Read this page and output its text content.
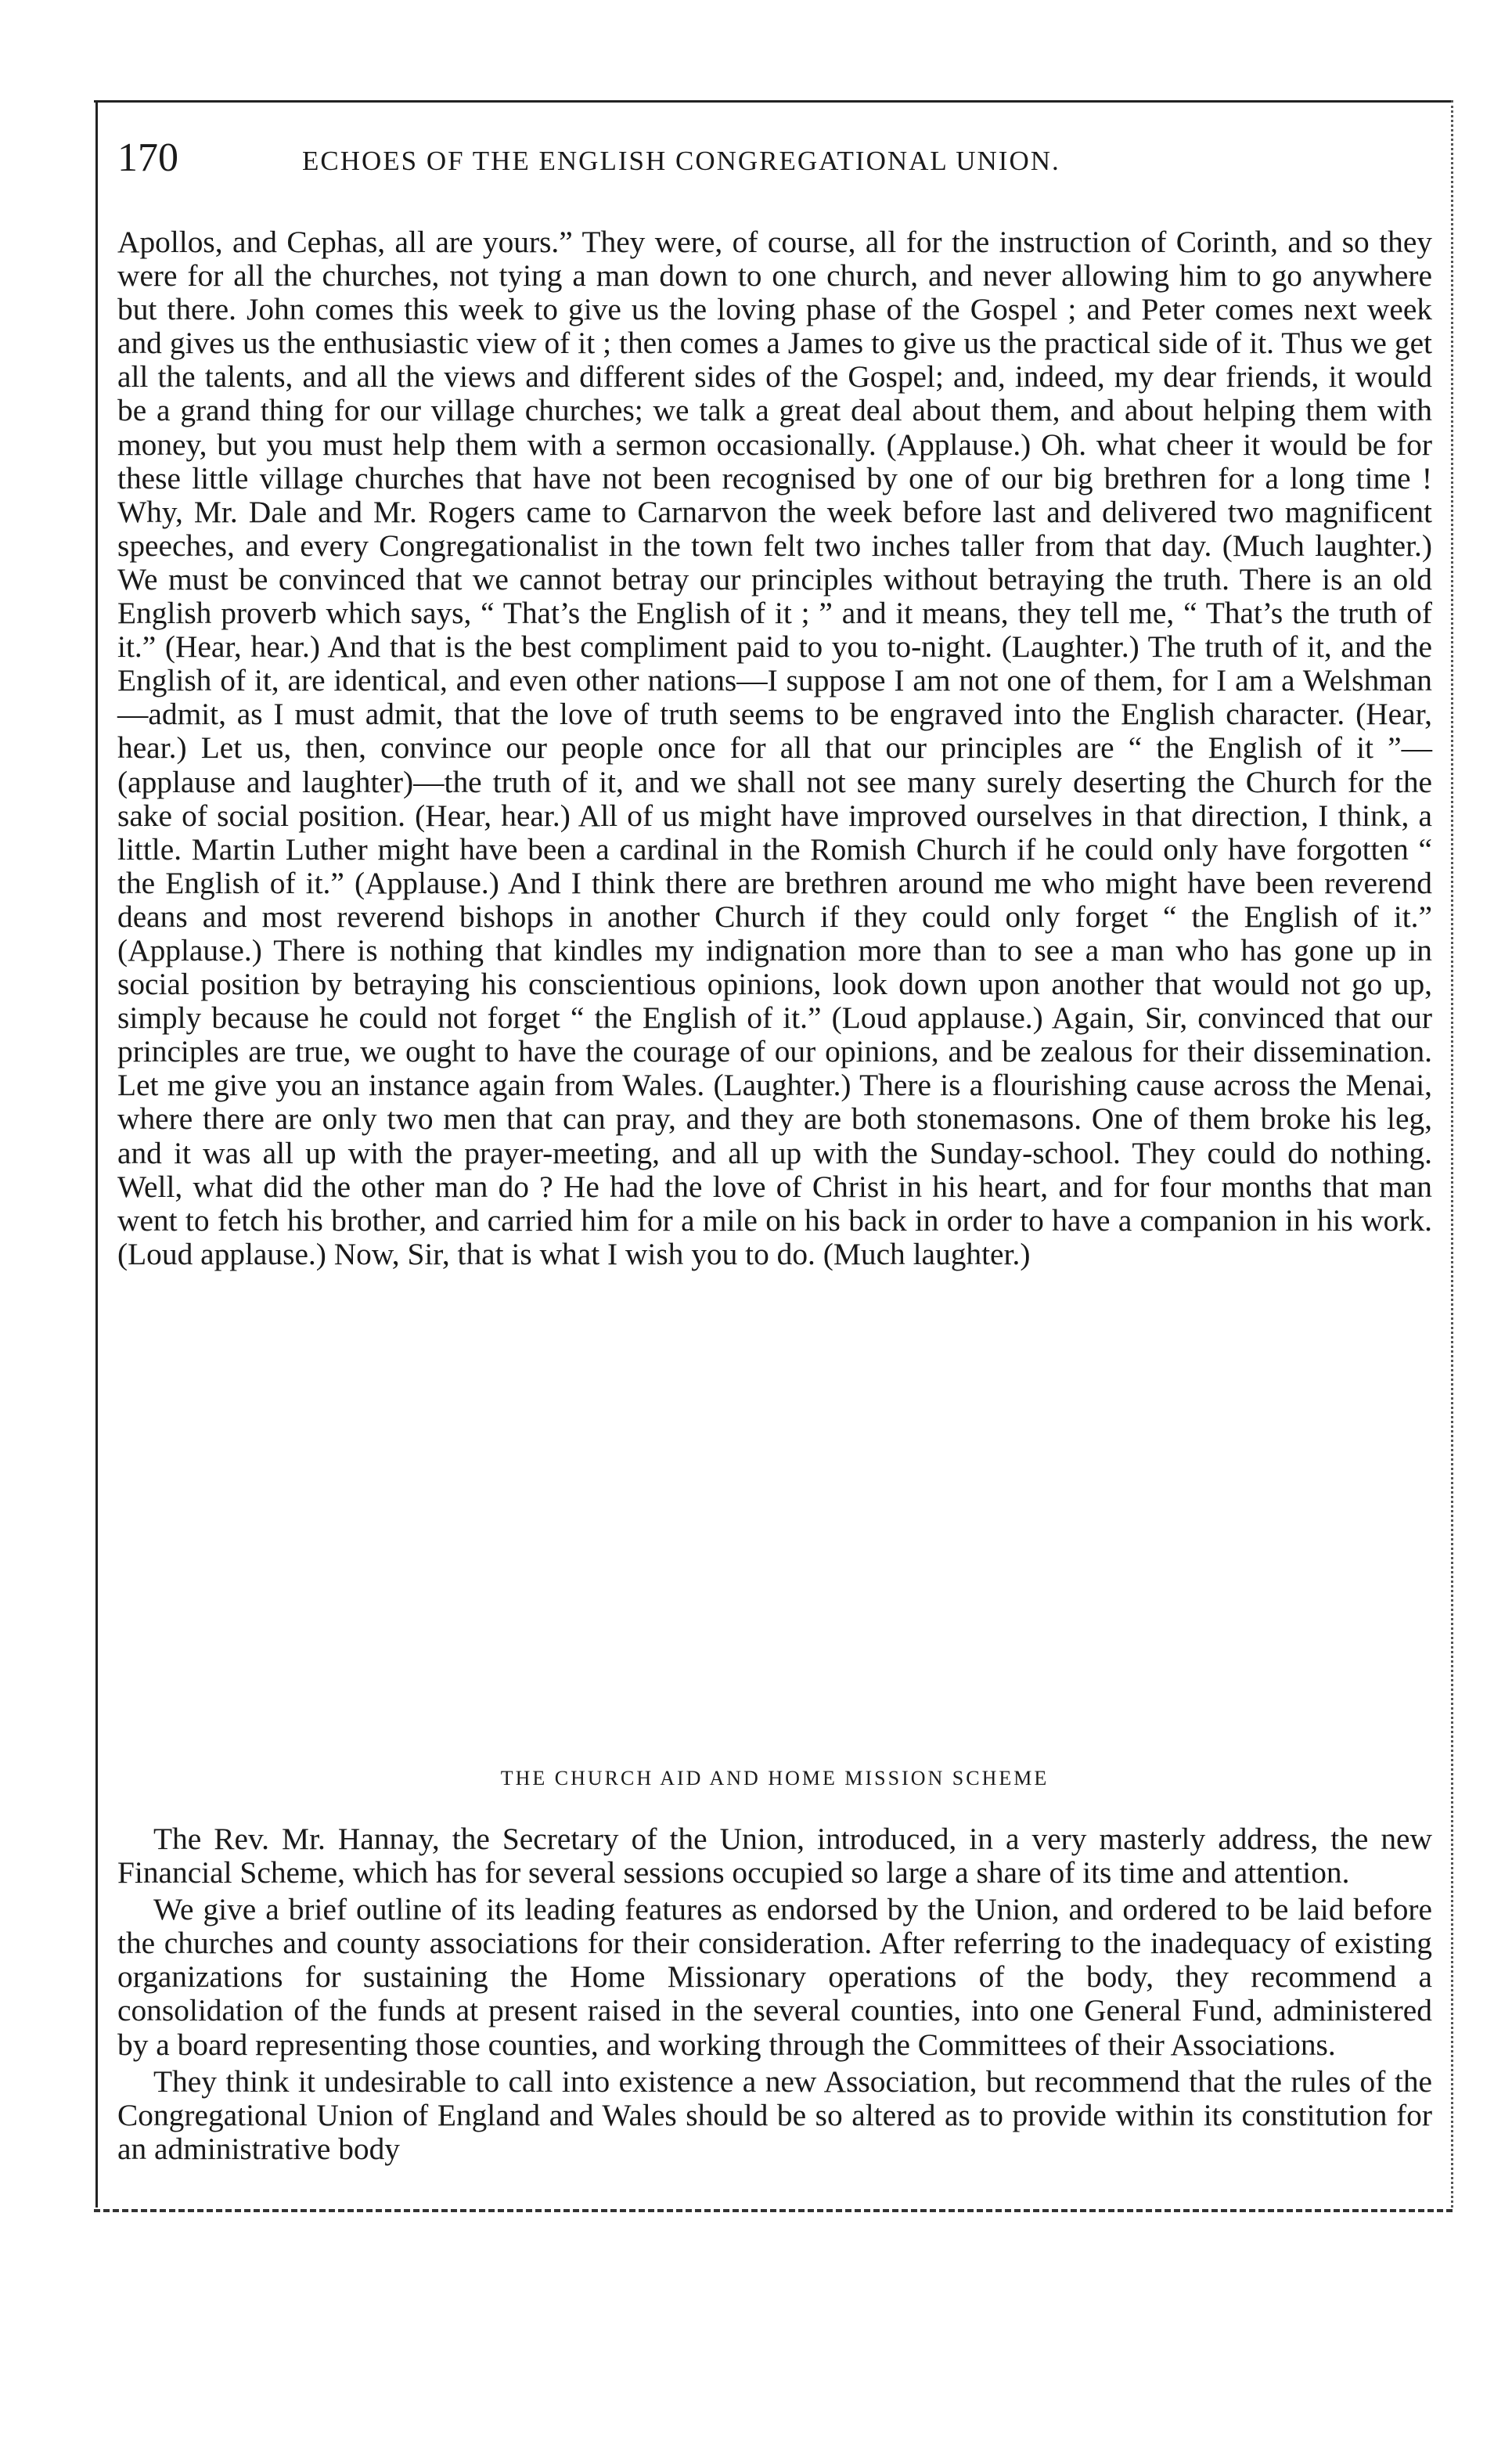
170	ECHOES OF THE ENGLISH CONGREGATIONAL UNION.

Apollos, and Cephas, all are yours.” They were, of course, all for the instruction of Corinth, and so they were for all the churches, not tying a man down to one church, and never allowing him to go anywhere but there. John comes this week to give us the loving phase of the Gospel ; and Peter comes next week and gives us the enthusiastic view of it ; then comes a James to give us the practical side of it. Thus we get all the talents, and all the views and different sides of the Gospel; and, indeed, my dear friends, it would be a grand thing for our village churches; we talk a great deal about them, and about helping them with money, but you must help them with a sermon occasionally. (Applause.) Oh. what cheer it would be for these little village churches that have not been recognised by one of our big brethren for a long time ! Why, Mr. Dale and Mr. Rogers came to Carnarvon the week before last and delivered two magnificent speeches, and every Congregationalist in the town felt two inches taller from that day. (Much laughter.) We must be convinced that we cannot betray our principles without betraying the truth. There is an old English proverb which says, “ That’s the English of it ; ” and it means, they tell me, “ That’s the truth of it.” (Hear, hear.) And that is the best compliment paid to you to-night. (Laughter.) The truth of it, and the English of it, are identical, and even other nations—I suppose I am not one of them, for I am a Welshman—admit, as I must admit, that the love of truth seems to be engraved into the English character. (Hear, hear.) Let us, then, convince our people once for all that our principles are “ the English of it ”— (applause and laughter)—the truth of it, and we shall not see many surely deserting the Church for the sake of social position. (Hear, hear.) All of us might have improved ourselves in that direction, I think, a little. Martin Luther might have been a cardinal in the Romish Church if he could only have forgotten “ the English of it.” (Applause.) And I think there are brethren around me who might have been reverend deans and most reverend bishops in another Church if they could only forget “ the English of it.” (Applause.) There is nothing that kindles my indignation more than to see a man who has gone up in social position by betraying his conscientious opinions, look down upon another that would not go up, simply because he could not forget “ the English of it.” (Loud applause.) Again, Sir, convinced that our principles are true, we ought to have the courage of our opinions, and be zealous for their dissemination. Let me give you an instance again from Wales. (Laughter.) There is a flourishing cause across the Menai, where there are only two men that can pray, and they are both stonemasons. One of them broke his leg, and it was all up with the prayer-meeting, and all up with the Sunday-school. They could do nothing. Well, what did the other man do ? He had the love of Christ in his heart, and for four months that man went to fetch his brother, and carried him for a mile on his back in order to have a companion in his work. (Loud applause.) Now, Sir, that is what I wish you to do. (Much laughter.)

THE CHURCH AID AND HOME MISSION SCHEME

The Rev. Mr. Hannay, the Secretary of the Union, introduced, in a very masterly address, the new Financial Scheme, which has for several sessions occupied so large a share of its time and attention.

We give a brief outline of its leading features as endorsed by the Union, and ordered to be laid before the churches and county associations for their consideration. After referring to the inadequacy of existing organizations for sustaining the Home Missionary operations of the body, they recommend a consolidation of the funds at present raised in the several counties, into one General Fund, administered by a board representing those counties, and working through the Committees of their Associations.

They think it undesirable to call into existence a new Association, but recommend that the rules of the Congregational Union of England and Wales should be so altered as to provide within its constitution for an administrative body
